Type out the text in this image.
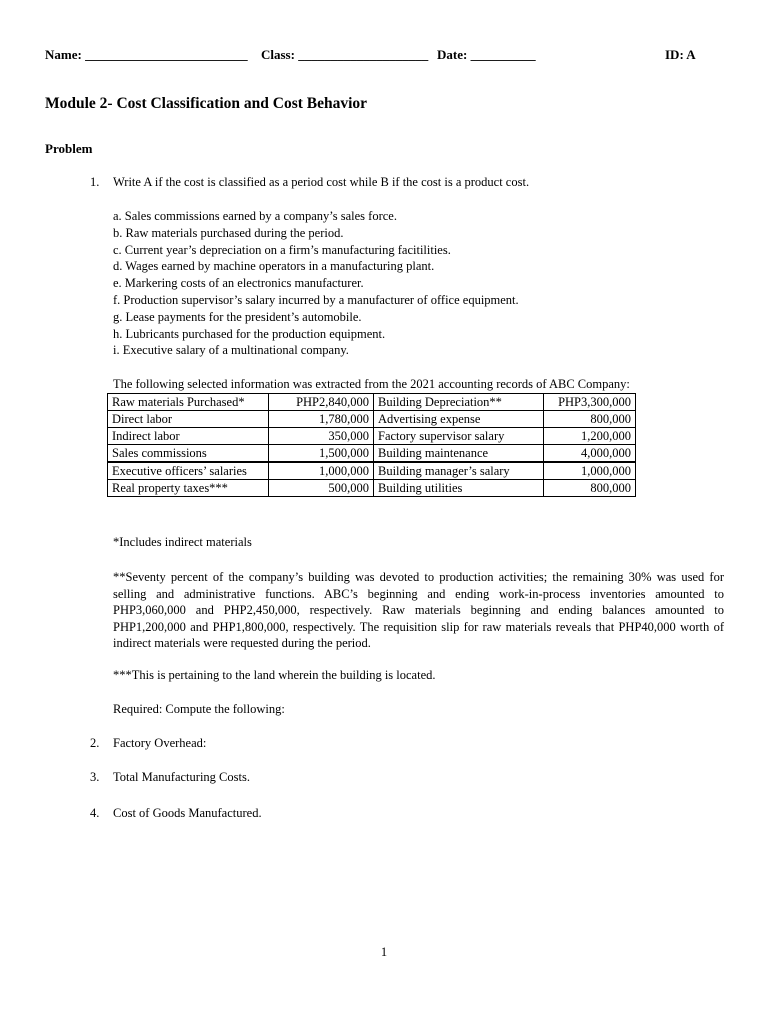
Name: _________________________ Class: ____________________ Date: __________	ID: A
Module 2- Cost Classification and Cost Behavior
Problem
1. Write A if the cost is classified as a period cost while B if the cost is a product cost.
a. Sales commissions earned by a company’s sales force.
b. Raw materials purchased during the period.
c. Current year’s depreciation on a firm’s manufacturing facitilities.
d. Wages earned by machine operators in a manufacturing plant.
e. Markering costs of an electronics manufacturer.
f. Production supervisor’s salary incurred by a manufacturer of office equipment.
g. Lease payments for the president’s automobile.
h. Lubricants purchased for the production equipment.
i. Executive salary of a multinational company.
The following selected information was extracted from the 2021 accounting records of ABC Company:
Raw materials Purchased*	PHP2,840,000	Building Depreciation**	PHP3,300,000
Direct labor	1,780,000	Advertising expense	800,000
Indirect labor	350,000	Factory supervisor salary	1,200,000
Sales commissions	1,500,000	Building maintenance	4,000,000
Executive officers’ salaries	1,000,000	Building manager’s salary	1,000,000
Real property taxes***	500,000	Building utilities	800,000
*Includes indirect materials
**Seventy percent of the company’s building was devoted to production activities; the remaining 30% was used for selling and administrative functions. ABC’s beginning and ending work-in-process inventories amounted to PHP3,060,000 and PHP2,450,000, respectively. Raw materials beginning and ending balances amounted to PHP1,200,000 and PHP1,800,000, respectively. The requisition slip for raw materials reveals that PHP40,000 worth of indirect materials were requested during the period.
***This is pertaining to the land wherein the building is located.
Required: Compute the following:
2. Factory Overhead:
3. Total Manufacturing Costs.
4. Cost of Goods Manufactured.
1
